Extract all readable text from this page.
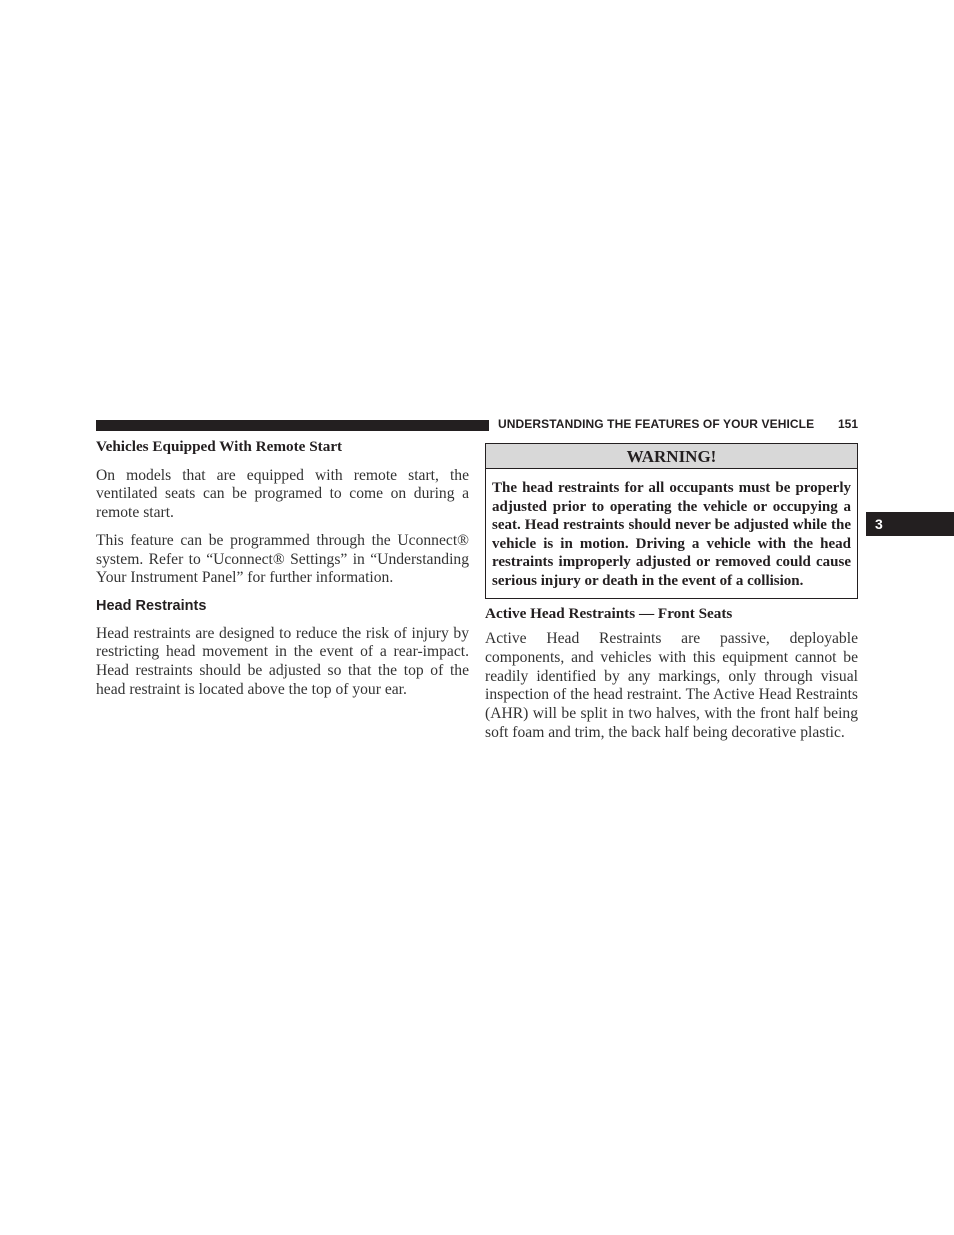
UNDERSTANDING THE FEATURES OF YOUR VEHICLE 151
3
Vehicles Equipped With Remote Start

On models that are equipped with remote start, the ventilated seats can be programed to come on during a remote start.

This feature can be programmed through the Uconnect® system. Refer to “Uconnect® Settings” in “Understanding Your Instrument Panel” for further information.

Head Restraints

Head restraints are designed to reduce the risk of injury by restricting head movement in the event of a rear-impact. Head restraints should be adjusted so that the top of the head restraint is located above the top of your ear.

WARNING!
The head restraints for all occupants must be properly adjusted prior to operating the vehicle or occupying a seat. Head restraints should never be adjusted while the vehicle is in motion. Driving a vehicle with the head restraints improperly adjusted or removed could cause serious injury or death in the event of a collision.
Active Head Restraints — Front Seats

Active Head Restraints are passive, deployable components, and vehicles with this equipment cannot be readily identified by any markings, only through visual inspection of the head restraint. The Active Head Restraints (AHR) will be split in two halves, with the front half being soft foam and trim, the back half being decorative plastic.
